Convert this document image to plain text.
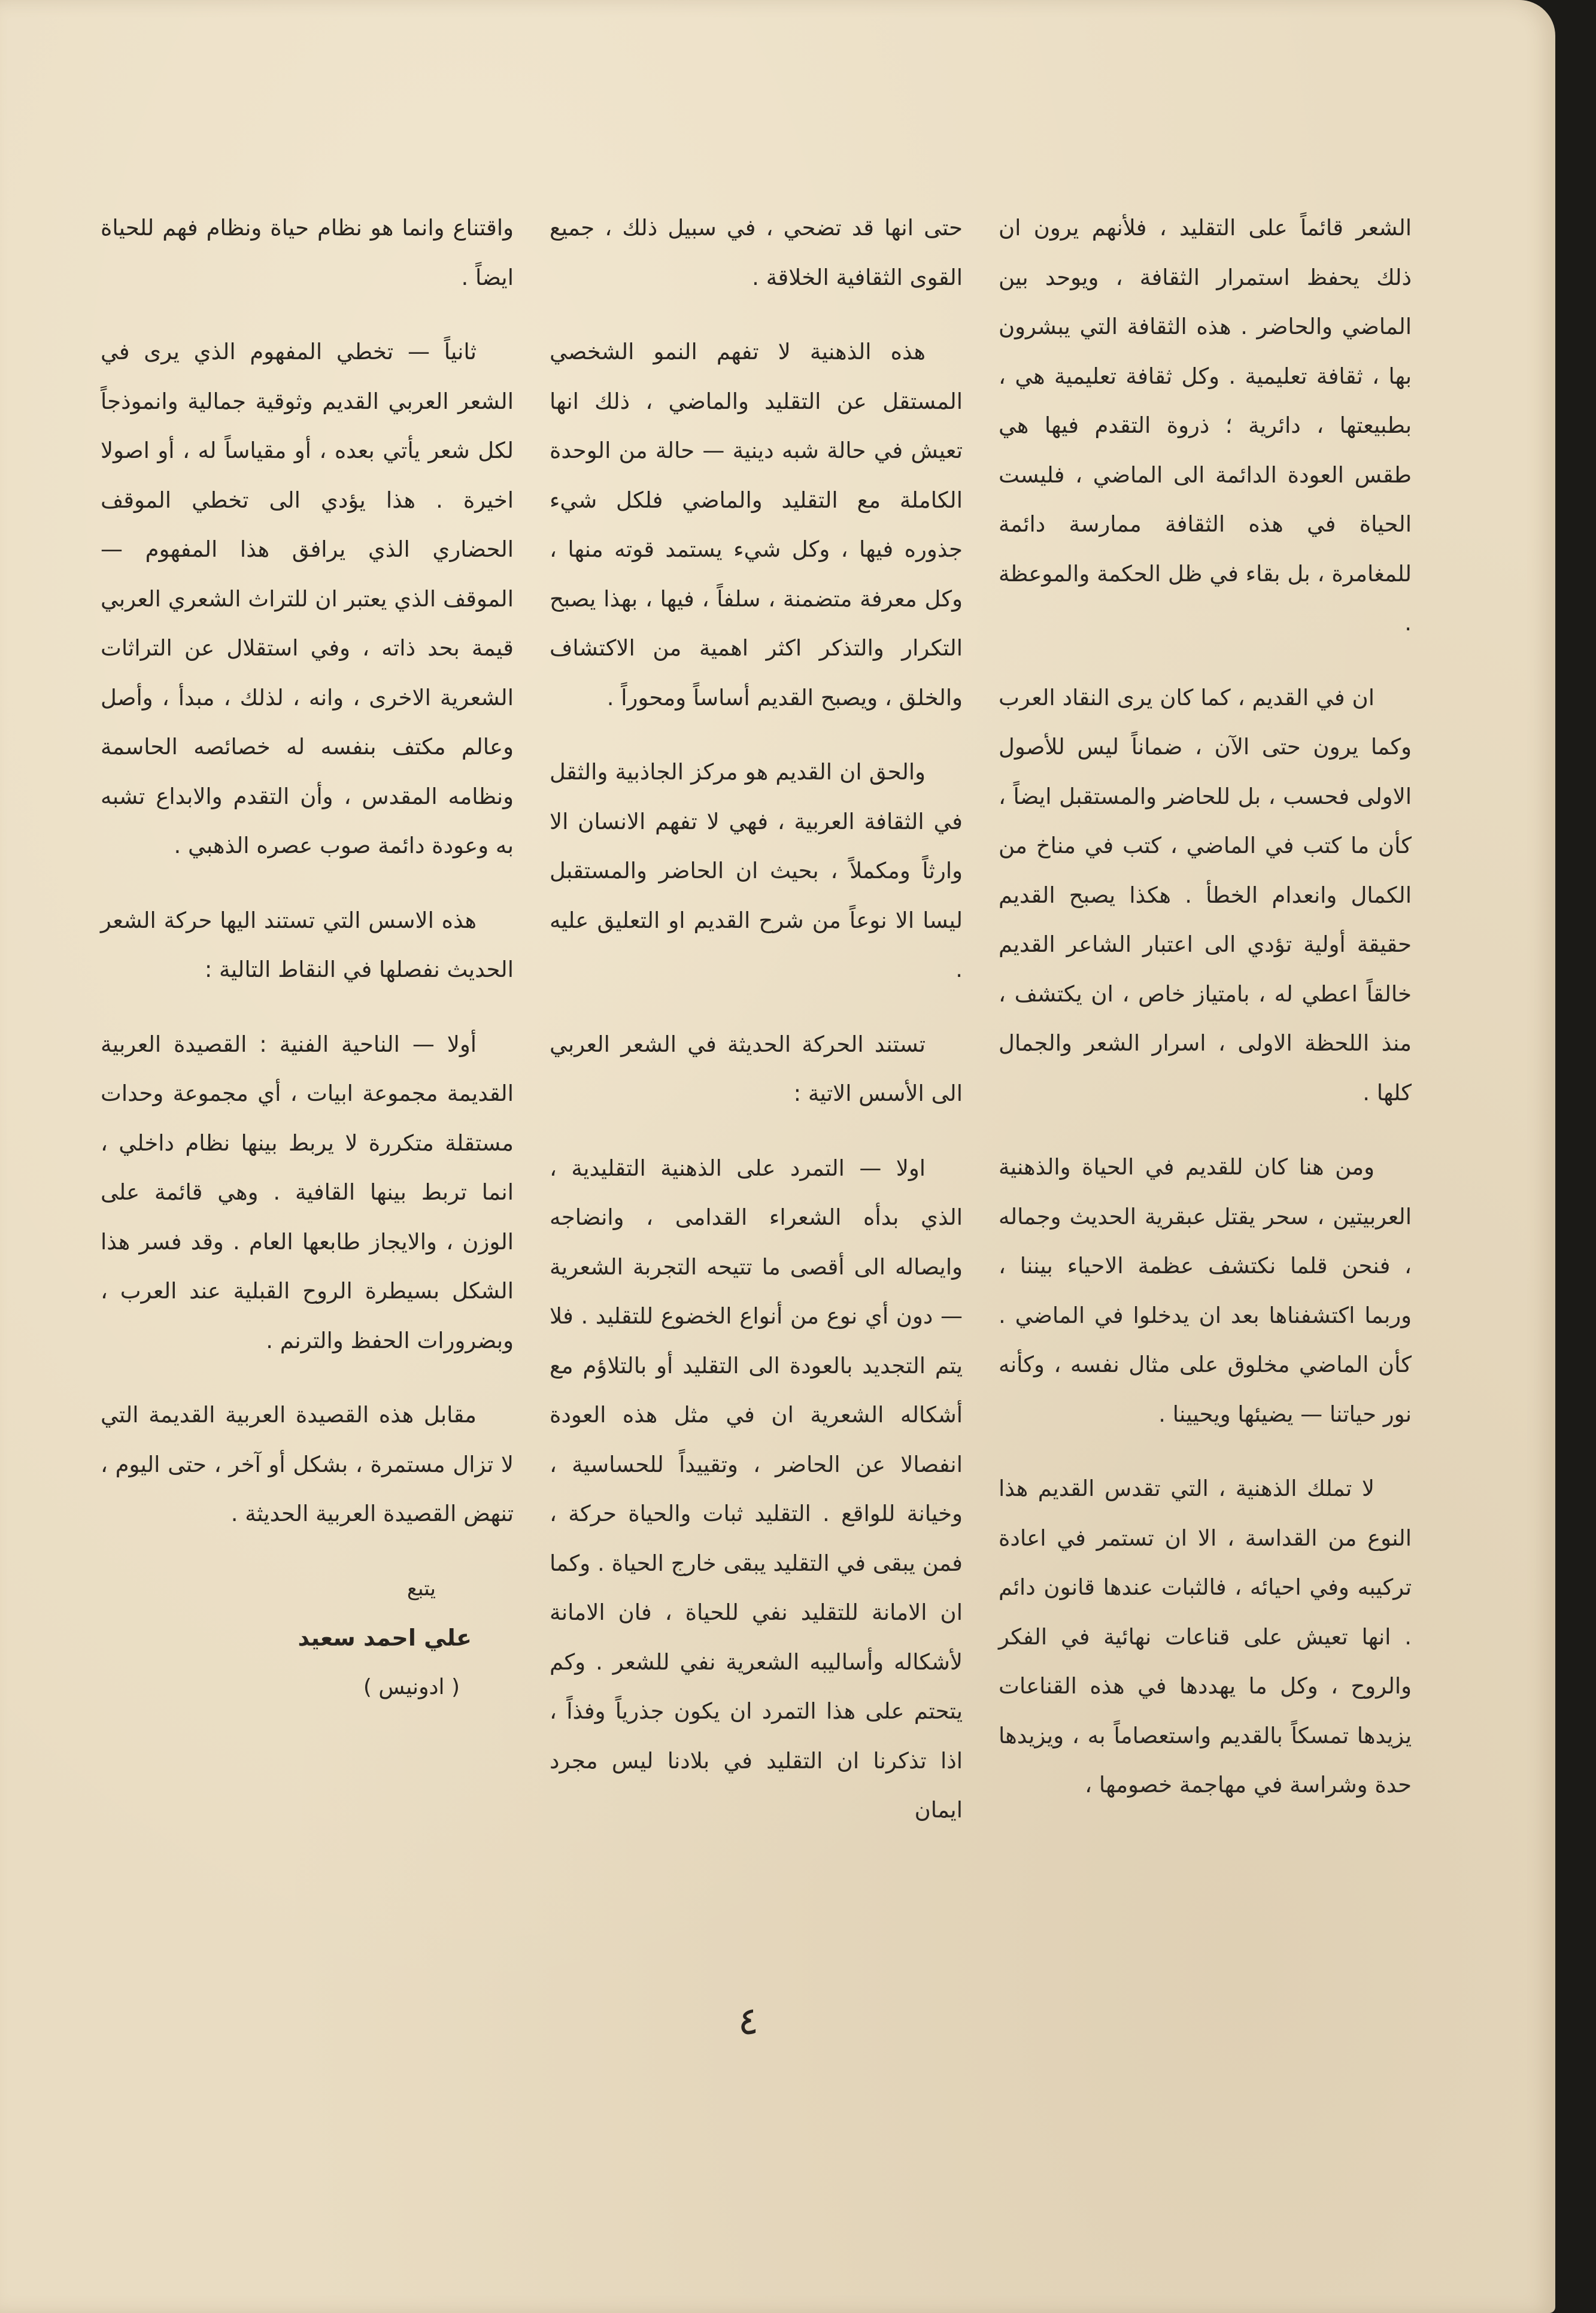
الشعر قائماً على التقليد ، فلأنهم يرون ان ذلك يحفظ استمرار الثقافة ، ويوحد بين الماضي والحاضر . هذه الثقافة التي يبشرون بها ، ثقافة تعليمية . وكل ثقافة تعليمية هي ، بطبيعتها ، دائرية ؛ ذروة التقدم فيها هي طقس العودة الدائمة الى الماضي ، فليست الحياة في هذه الثقافة ممارسة دائمة للمغامرة ، بل بقاء في ظل الحكمة والموعظة .

ان في القديم ، كما كان يرى النقاد العرب وكما يرون حتى الآن ، ضماناً ليس للأصول الاولى فحسب ، بل للحاضر والمستقبل ايضاً ، كأن ما كتب في الماضي ، كتب في مناخ من الكمال وانعدام الخطأ . هكذا يصبح القديم حقيقة أولية تؤدي الى اعتبار الشاعر القديم خالقاً اعطي له ، بامتياز خاص ، ان يكتشف ، منذ اللحظة الاولى ، اسرار الشعر والجمال كلها .

ومن هنا كان للقديم في الحياة والذهنية العربيتين ، سحر يقتل عبقرية الحديث وجماله ، فنحن قلما نكتشف عظمة الاحياء بيننا ، وربما اكتشفناها بعد ان يدخلوا في الماضي . كأن الماضي مخلوق على مثال نفسه ، وكأنه نور حياتنا — يضيئها ويحيينا .

لا تملك الذهنية ، التي تقدس القديم هذا النوع من القداسة ، الا ان تستمر في اعادة تركيبه وفي احيائه ، فالثبات عندها قانون دائم . انها تعيش على قناعات نهائية في الفكر والروح ، وكل ما يهددها في هذه القناعات يزيدها تمسكاً بالقديم واستعصاماً به ، ويزيدها حدة وشراسة في مهاجمة خصومها ،

حتى انها قد تضحي ، في سبيل ذلك ، جميع القوى الثقافية الخلاقة .

هذه الذهنية لا تفهم النمو الشخصي المستقل عن التقليد والماضي ، ذلك انها تعيش في حالة شبه دينية — حالة من الوحدة الكاملة مع التقليد والماضي فلكل شيء جذوره فيها ، وكل شيء يستمد قوته منها ، وكل معرفة متضمنة ، سلفاً ، فيها ، بهذا يصبح التكرار والتذكر اكثر اهمية من الاكتشاف والخلق ، ويصبح القديم أساساً ومحوراً .

والحق ان القديم هو مركز الجاذبية والثقل في الثقافة العربية ، فهي لا تفهم الانسان الا وارثاً ومكملاً ، بحيث ان الحاضر والمستقبل ليسا الا نوعاً من شرح القديم او التعليق عليه .

تستند الحركة الحديثة في الشعر العربي الى الأسس الاتية :

اولا — التمرد على الذهنية التقليدية ، الذي بدأه الشعراء القدامى ، وانضاجه وايصاله الى أقصى ما تتيحه التجربة الشعرية — دون أي نوع من أنواع الخضوع للتقليد . فلا يتم التجديد بالعودة الى التقليد أو بالتلاؤم مع أشكاله الشعرية ان في مثل هذه العودة انفصالا عن الحاضر ، وتقييداً للحساسية ، وخيانة للواقع . التقليد ثبات والحياة حركة ، فمن يبقى في التقليد يبقى خارج الحياة . وكما ان الامانة للتقليد نفي للحياة ، فان الامانة لأشكاله وأساليبه الشعرية نفي للشعر . وكم يتحتم على هذا التمرد ان يكون جذرياً وفذاً ، اذا تذكرنا ان التقليد في بلادنا ليس مجرد ايمان

واقتناع وانما هو نظام حياة ونظام فهم للحياة ايضاً .

ثانياً — تخطي المفهوم الذي يرى في الشعر العربي القديم وثوقية جمالية وانموذجاً لكل شعر يأتي بعده ، أو مقياساً له ، أو اصولا اخيرة . هذا يؤدي الى تخطي الموقف الحضاري الذي يرافق هذا المفهوم — الموقف الذي يعتبر ان للتراث الشعري العربي قيمة بحد ذاته ، وفي استقلال عن التراثات الشعرية الاخرى ، وانه ، لذلك ، مبدأ ، وأصل وعالم مكتف بنفسه له خصائصه الحاسمة ونظامه المقدس ، وأن التقدم والابداع تشبه به وعودة دائمة صوب عصره الذهبي .

هذه الاسس التي تستند اليها حركة الشعر الحديث نفصلها في النقاط التالية :

أولا — الناحية الفنية : القصيدة العربية القديمة مجموعة ابيات ، أي مجموعة وحدات مستقلة متكررة لا يربط بينها نظام داخلي ، انما تربط بينها القافية . وهي قائمة على الوزن ، والايجاز طابعها العام . وقد فسر هذا الشكل بسيطرة الروح القبلية عند العرب ، وبضرورات الحفظ والترنم .

مقابل هذه القصيدة العربية القديمة التي لا تزال مستمرة ، بشكل أو آخر ، حتى اليوم ، تنهض القصيدة العربية الحديثة .

يتبع
علي احمد سعيد
( ادونيس )
٤
